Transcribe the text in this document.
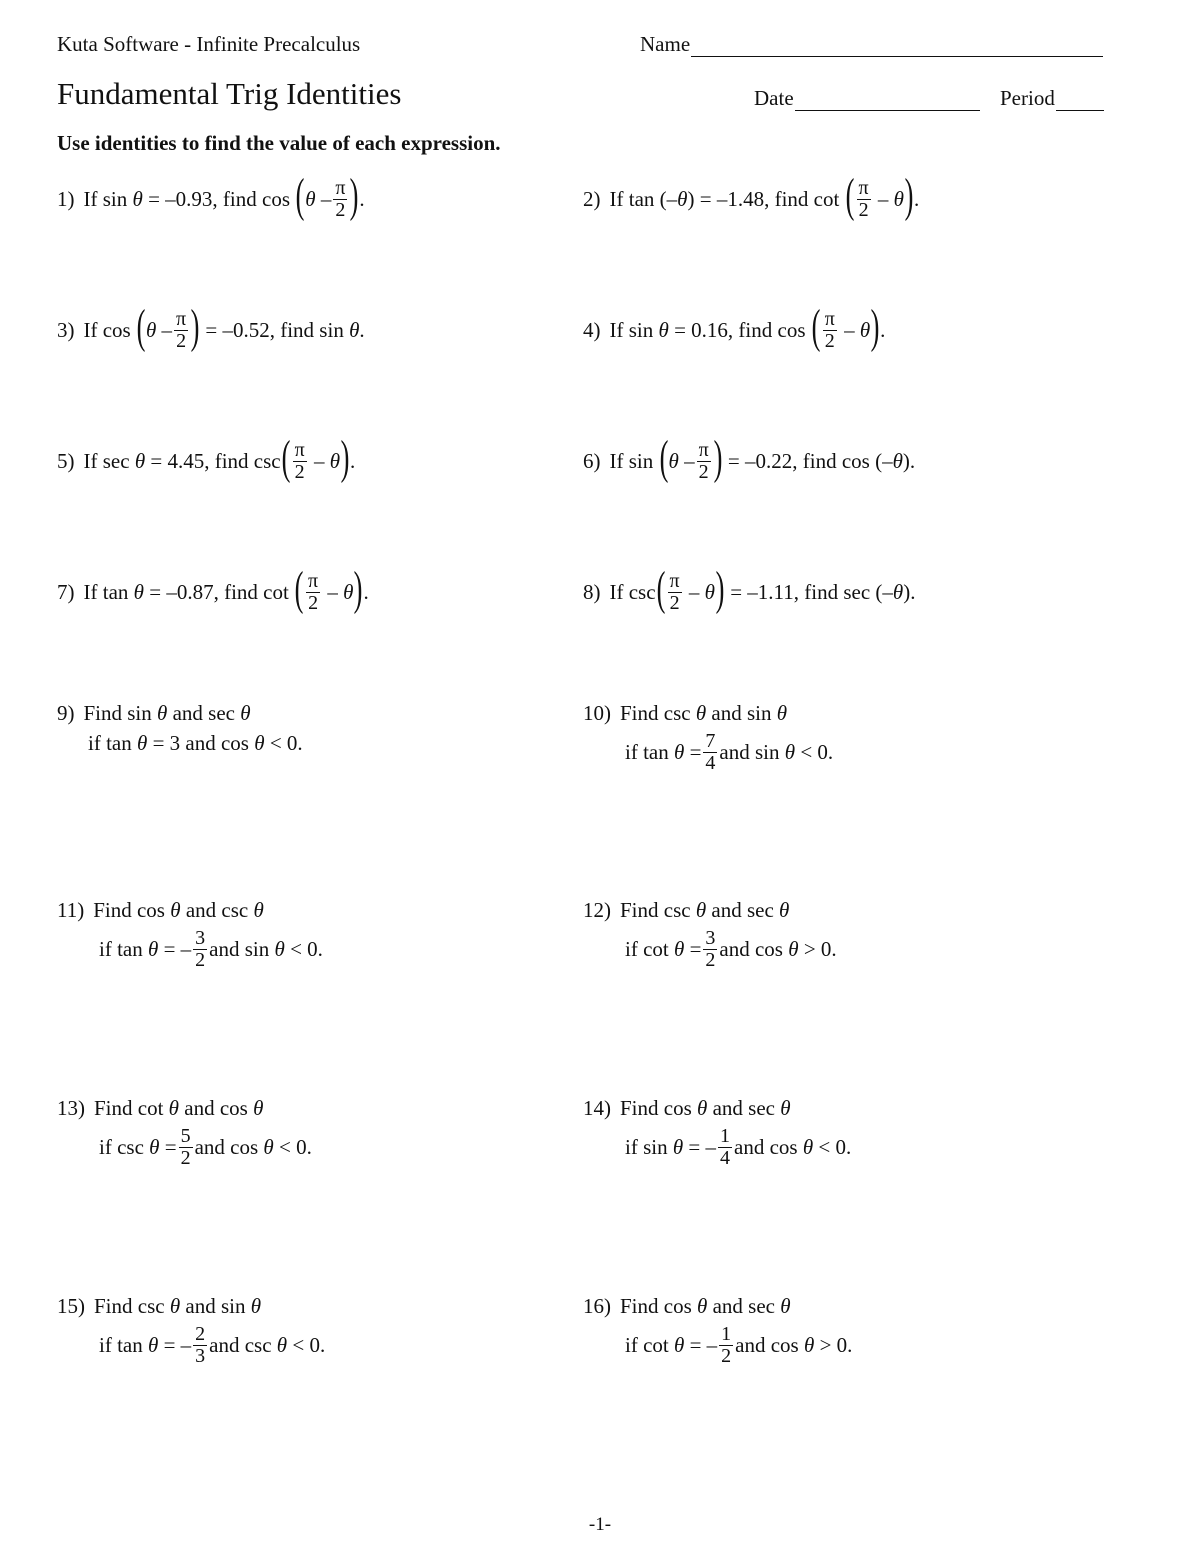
Kuta Software - Infinite Precalculus
Fundamental Trig Identities
Name
Date	Period
Use identities to find the value of each expression.
1) If sin
θ
= –0.93, find cos
( θ
– $\frac{\pi}{2}$ ) .	2) If tan
(– θ ) = –1.48, find cot
( $\frac{\pi}{2}$
–
θ ) .
3) If cos
( θ
– $\frac{\pi}{2}$ )
= –0.52, find sin
θ .	4) If sin
θ
= 0.16, find cos
( $\frac{\pi}{2}$
–
θ ) .
5) If sec
θ
= 4.45, find csc ( $\frac{\pi}{2}$
–
θ ) .	6) If sin
( θ
– $\frac{\pi}{2}$ )
= –0.22, find cos (– θ ).
7) If tan
θ
= –0.87, find cot
( $\frac{\pi}{2}$
–
θ ) .	8) If csc ( $\frac{\pi}{2}$
–
θ )
= –1.11, find sec (– θ ).
9) Find sin
θ
and sec
θ
if tan
θ
= 3 and cos
θ
< 0.
10) Find csc
θ
and sin
θ
if tan
θ
= $\frac{7}{4}$ and sin
θ
< 0.
11) Find cos
θ
and csc
θ
if tan
θ
= – $\frac{3}{2}$ and sin
θ
< 0.
12) Find csc
θ
and sec
θ
if cot
θ
= $\frac{3}{2}$ and cos
θ
> 0.
13) Find cot
θ
and cos
θ
if csc
θ
= $\frac{5}{2}$ and cos
θ
< 0.
14) Find cos
θ
and sec
θ
if sin
θ
= – $\frac{1}{4}$ and cos
θ
< 0.
15) Find csc
θ
and sin
θ
if tan
θ
= – $\frac{2}{3}$ and csc
θ
< 0.
16) Find cos
θ
and sec
θ
if cot
θ
= – $\frac{1}{2}$ and cos
θ
> 0.
-1-
